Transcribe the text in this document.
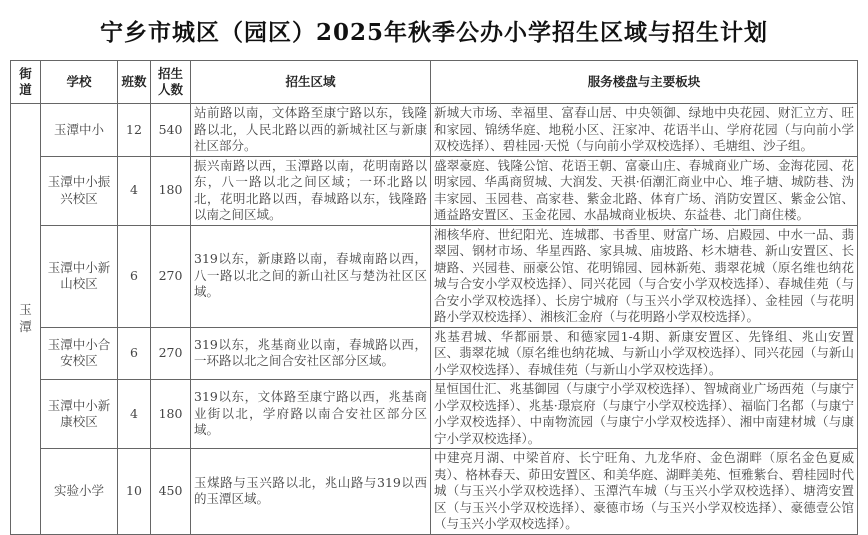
宁乡市城区（园区）2025年秋季公办小学招生区域与招生计划
街道	学校	班数	招生人数	招生区域	服务楼盘与主要板块
玉潭	玉潭中小	12	540	站前路以南，文体路至康宁路以东，钱隆路以北，人民北路以西的新城社区与新康社区部分。	新城大市场、幸福里、富春山居、中央领御、绿地中央花园、财汇立方、旺和家园、锦绣华庭、地税小区、汪家冲、花语半山、学府花园（与向前小学双校选择）、碧桂园·天悦（与向前小学双校选择）、毛塘组、沙子组。
	玉潭中小振兴校区	4	180	振兴南路以西，玉潭路以南，花明南路以东，八一路以北之间区域；一环北路以北，花明北路以西，春城路以东，钱隆路以南之间区域。	盛翠豪庭、钱隆公馆、花语王朝、富豪山庄、春城商业广场、金海花园、花明家园、华禹商贸城、大润发、天祺·佰潮汇商业中心、堆子塘、城防巷、沩丰家园、玉园巷、高家巷、紫金北路、体育广场、消防安置区、紫金公馆、通益路安置区、玉金花园、水晶城商业板块、东益巷、北门商住楼。
	玉潭中小新山校区	6	270	319以东，新康路以南，春城南路以西，八一路以北之间的新山社区与楚沩社区区域。	湘核华府、世纪阳光、连城郡、书香里、财富广场、启殿园、中水一品、翡翠园、钢材市场、华星西路、家具城、庙坡路、杉木塘巷、新山安置区、长塘路、兴园巷、丽豪公馆、花明锦园、园林新苑、翡翠花城（原名维也纳花城与合安小学双校选择）、同兴花园（与合安小学双校选择）、春城佳苑（与合安小学双校选择）、长房宁城府（与玉兴小学双校选择）、金桂园（与花明路小学双校选择）、湘核汇金府（与花明路小学双校选择）。
	玉潭中小合安校区	6	270	319以东，兆基商业以南，春城路以西，一环路以北之间合安社区部分区域。	兆基君城、华都丽景、和德家园1-4期、新康安置区、先锋组、兆山安置区、翡翠花城（原名维也纳花城、与新山小学双校选择）、同兴花园（与新山小学双校选择）、春城佳苑（与新山小学双校选择）。
	玉潭中小新康校区	4	180	319以东，文体路至康宁路以西，兆基商业街以北，学府路以南合安社区部分区域。	星恒国仕汇、兆基御园（与康宁小学双校选择）、智城商业广场西苑（与康宁小学双校选择）、兆基·璟宸府（与康宁小学双校选择）、福临门名都（与康宁小学双校选择）、中南物流园（与康宁小学双校选择）、湘中南建材城（与康宁小学双校选择）。
	实验小学	10	450	玉煤路与玉兴路以北，兆山路与319以西的玉潭区域。	中建亮月湖、中梁首府、长宁旺角、九龙华府、金色湖畔（原名金色夏威夷）、格林春天、茆田安置区、和美华庭、湖畔美苑、恒雅紫台、碧桂园时代城（与玉兴小学双校选择）、玉潭汽车城（与玉兴小学双校选择）、塘湾安置区（与玉兴小学双校选择）、豪德市场（与玉兴小学双校选择）、豪德壹公馆（与玉兴小学双校选择）。
